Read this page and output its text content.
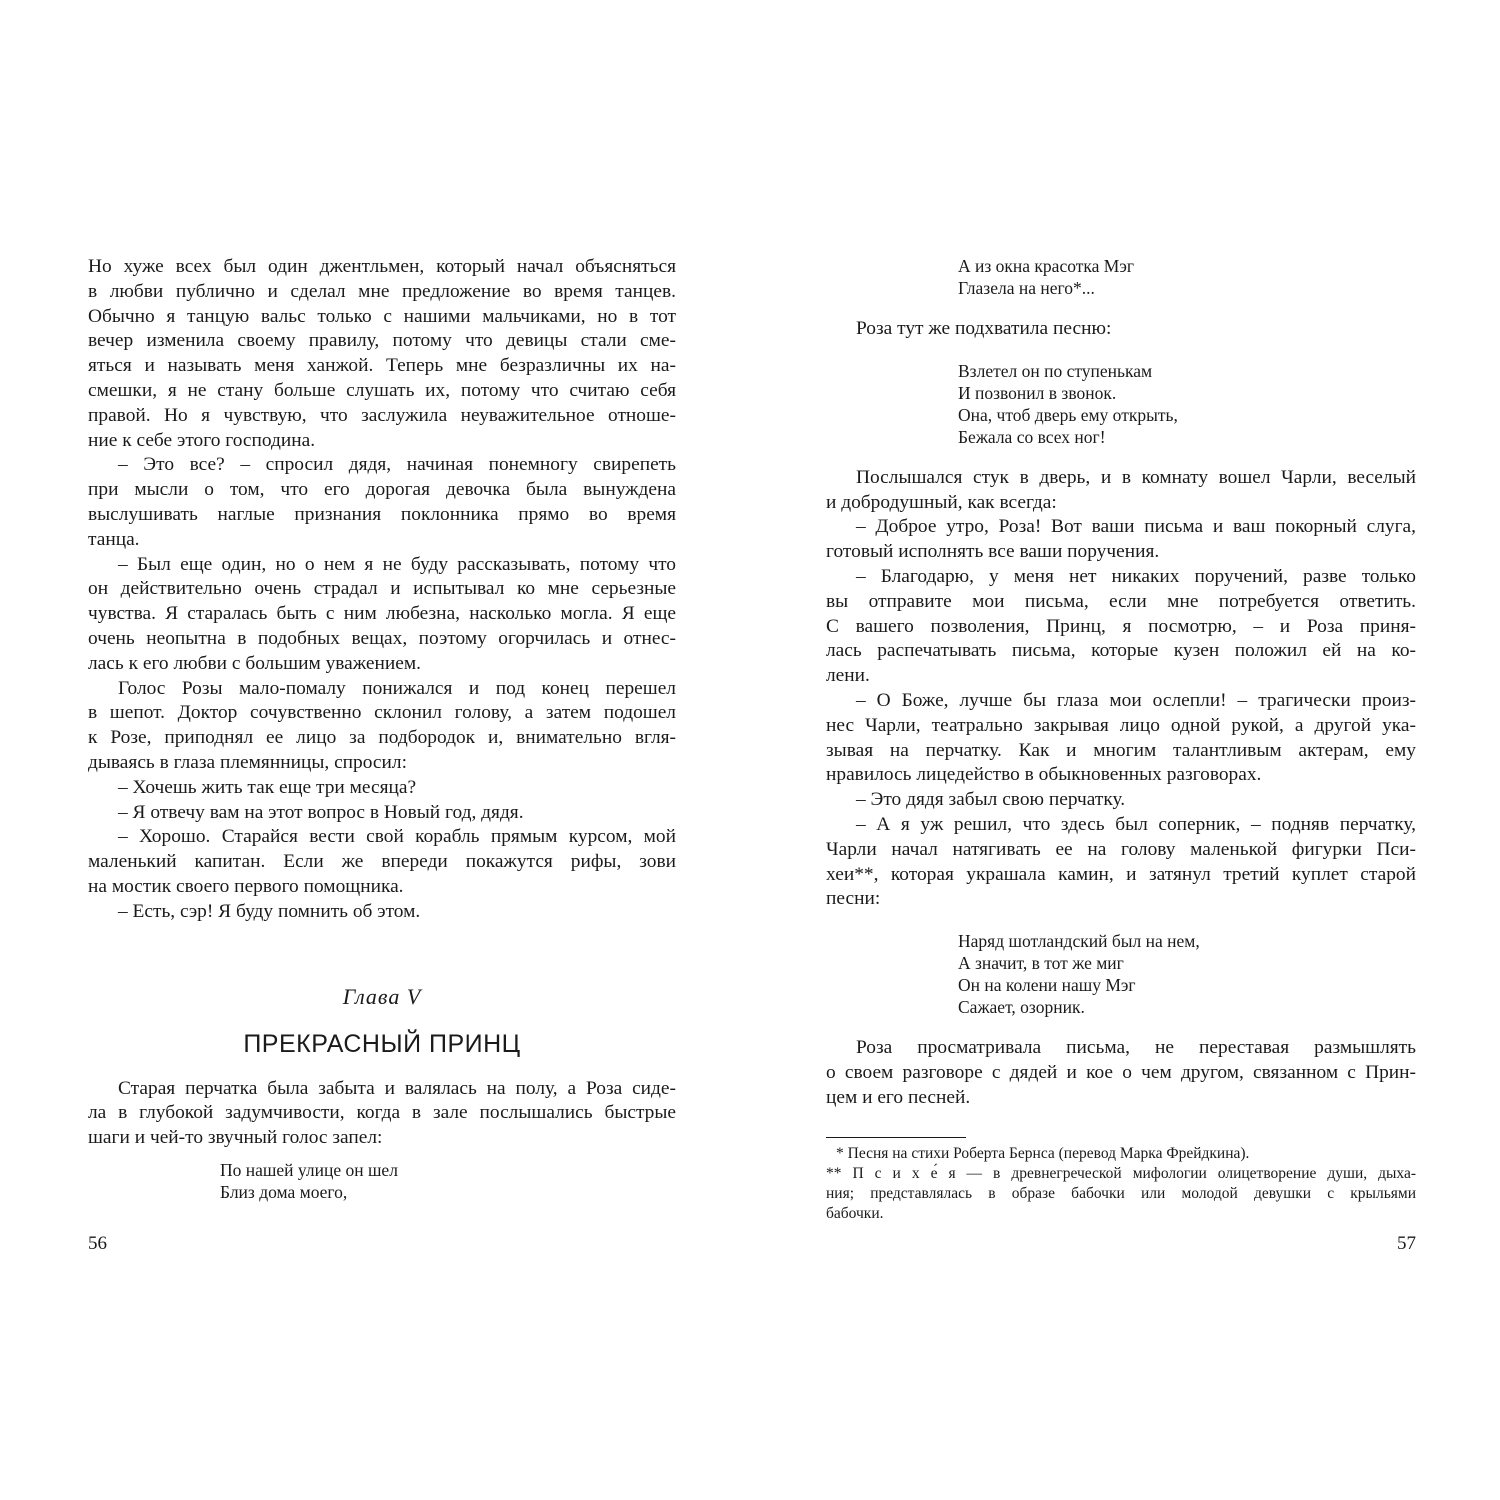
Но хуже всех был один джентльмен, который начал объясняться
в любви публично и сделал мне предложение во время танцев.
Обычно я танцую вальс только с нашими мальчиками, но в тот
вечер изменила своему правилу, потому что девицы стали сме-
яться и называть меня ханжой. Теперь мне безразличны их на-
смешки, я не стану больше слушать их, потому что считаю себя
правой. Но я чувствую, что заслужила неуважительное отноше-
ние к себе этого господина.
– Это все? – спросил дядя, начиная понемногу свирепеть
при мысли о том, что его дорогая девочка была вынуждена
выслушивать наглые признания поклонника прямо во время
танца.
– Был еще один, но о нем я не буду рассказывать, потому что
он действительно очень страдал и испытывал ко мне серьезные
чувства. Я старалась быть с ним любезна, насколько могла. Я еще
очень неопытна в подобных вещах, поэтому огорчилась и отнес-
лась к его любви с большим уважением.
Голос Розы мало-помалу понижался и под конец перешел
в шепот. Доктор сочувственно склонил голову, а затем подошел
к Розе, приподнял ее лицо за подбородок и, внимательно вгля-
дываясь в глаза племянницы, спросил:
– Хочешь жить так еще три месяца?
– Я отвечу вам на этот вопрос в Новый год, дядя.
– Хорошо. Старайся вести свой корабль прямым курсом, мой
маленький капитан. Если же впереди покажутся рифы, зови
на мостик своего первого помощника.
– Есть, сэр! Я буду помнить об этом.
Глава V
ПРЕКРАСНЫЙ ПРИНЦ
Старая перчатка была забыта и валялась на полу, а Роза сиде-
ла в глубокой задумчивости, когда в зале послышались быстрые
шаги и чей-то звучный голос запел:
По нашей улице он шел
Близ дома моего,
56
А из окна красотка Мэг
Глазела на него*...
Роза тут же подхватила песню:
Взлетел он по ступенькам
И позвонил в звонок.
Она, чтоб дверь ему открыть,
Бежала со всех ног!
Послышался стук в дверь, и в комнату вошел Чарли, веселый
и добродушный, как всегда:
– Доброе утро, Роза! Вот ваши письма и ваш покорный слуга,
готовый исполнять все ваши поручения.
– Благодарю, у меня нет никаких поручений, разве только
вы отправите мои письма, если мне потребуется ответить.
С вашего позволения, Принц, я посмотрю, – и Роза приня-
лась распечатывать письма, которые кузен положил ей на ко-
лени.
– О Боже, лучше бы глаза мои ослепли! – трагически произ-
нес Чарли, театрально закрывая лицо одной рукой, а другой ука-
зывая на перчатку. Как и многим талантливым актерам, ему
нравилось лицедейство в обыкновенных разговорах.
– Это дядя забыл свою перчатку.
– А я уж решил, что здесь был соперник, – подняв перчатку,
Чарли начал натягивать ее на голову маленькой фигурки Пси-
хеи**, которая украшала камин, и затянул третий куплет старой
песни:
Наряд шотландский был на нем,
А значит, в тот же миг
Он на колени нашу Мэг
Сажает, озорник.
Роза просматривала письма, не переставая размышлять
о своем разговоре с дядей и кое о чем другом, связанном с Прин-
цем и его песней.
* Песня на стихи Роберта Бернса (перевод Марка Фрейдкина).
** П с и х е́ я — в древнегреческой мифологии олицетворение души, дыха-
ния; представлялась в образе бабочки или молодой девушки с крыльями
бабочки.
57
